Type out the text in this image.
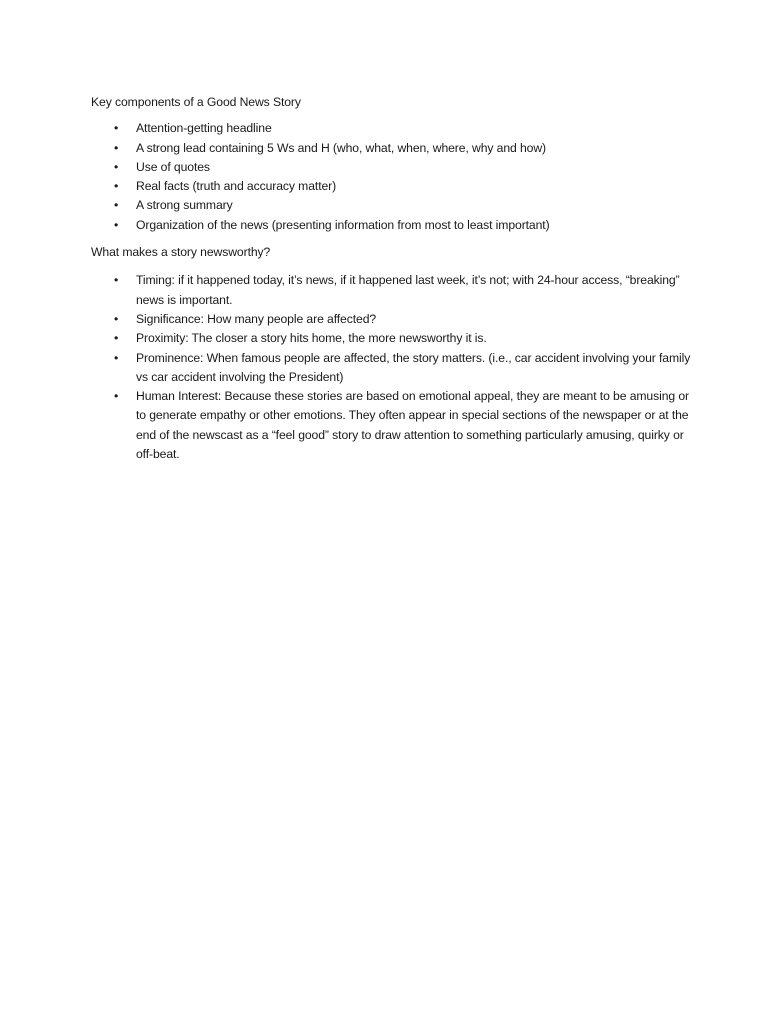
Key components of a Good News Story

• Attention-getting headline
• A strong lead containing 5 Ws and H (who, what, when, where, why and how)
• Use of quotes
• Real facts (truth and accuracy matter)
• A strong summary
• Organization of the news (presenting information from most to least important)

What makes a story newsworthy?

• Timing: if it happened today, it’s news, if it happened last week, it’s not; with 24-hour access, “breaking” news is important.
• Significance: How many people are affected?
• Proximity: The closer a story hits home, the more newsworthy it is.
• Prominence: When famous people are affected, the story matters. (i.e., car accident involving your family vs car accident involving the President)
• Human Interest: Because these stories are based on emotional appeal, they are meant to be amusing or to generate empathy or other emotions. They often appear in special sections of the newspaper or at the end of the newscast as a “feel good” story to draw attention to something particularly amusing, quirky or off-beat.
